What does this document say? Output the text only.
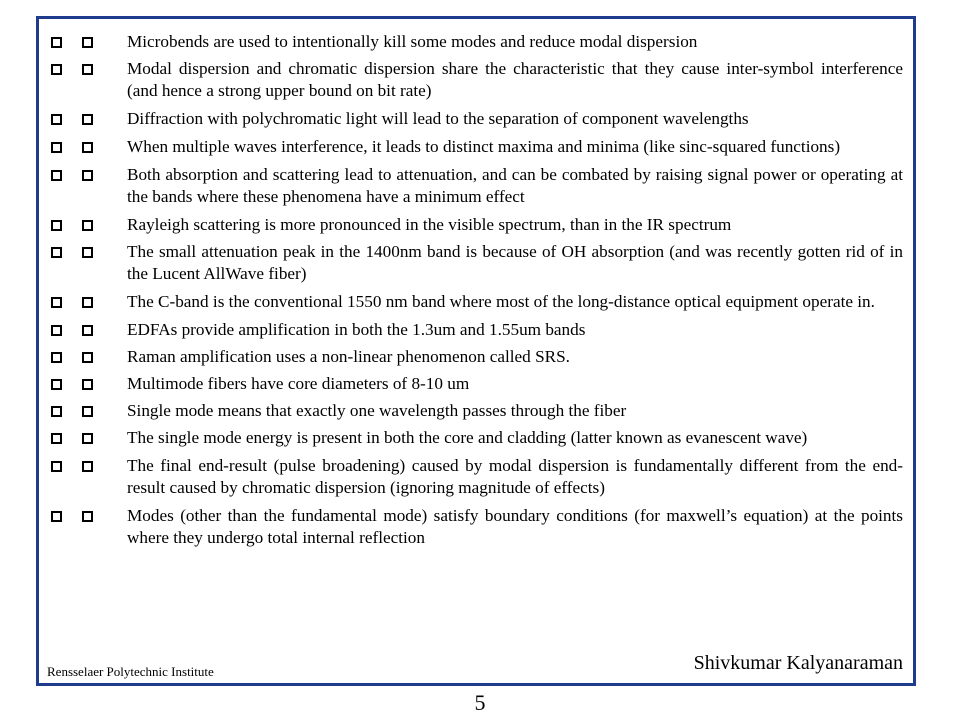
Microbends are used to intentionally kill some modes and reduce modal dispersion
Modal dispersion and chromatic dispersion share the characteristic that they cause inter-symbol interference (and hence a strong upper bound on bit rate)
Diffraction with polychromatic light will lead to the separation of component wavelengths
When multiple waves interference, it leads to distinct maxima and minima (like sinc-squared functions)
Both absorption and scattering lead to attenuation, and can be combated by raising signal power or operating at the bands where these phenomena have a minimum effect
Rayleigh scattering is more pronounced in the visible spectrum, than in the IR spectrum
The small attenuation peak in the 1400nm band is because of OH absorption (and was recently gotten rid of in the Lucent AllWave fiber)
The C-band is the conventional 1550 nm band where most of the long-distance optical equipment operate in.
EDFAs provide amplification in both the 1.3um and 1.55um bands
Raman amplification uses a non-linear phenomenon called SRS.
Multimode fibers have core diameters of 8-10 um
Single mode means that exactly one wavelength passes through the fiber
The single mode energy is present in both the core and cladding (latter known as evanescent wave)
The final end-result (pulse broadening) caused by modal dispersion is fundamentally different from the end-result caused by chromatic dispersion (ignoring magnitude of effects)
Modes (other than the fundamental mode) satisfy boundary conditions (for maxwell’s equation) at the points where they undergo total internal reflection
Rensselaer Polytechnic Institute	Shivkumar Kalyanaraman
5
